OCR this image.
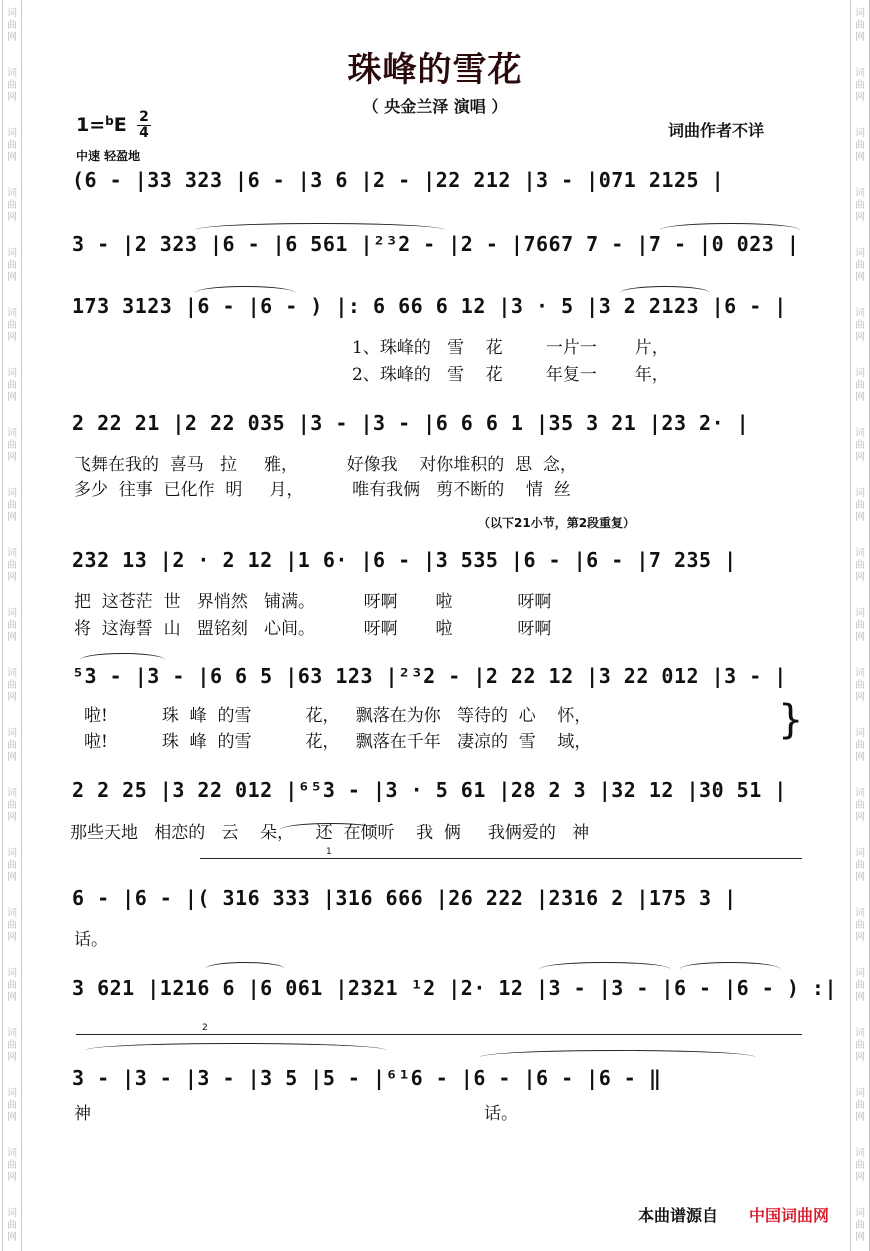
词
曲
网
词
曲
网
词
曲
网
词
曲
网
词
曲
网
词
曲
网
词
曲
网
词
曲
网
词
曲
网
词
曲
网
词
曲
网
词
曲
网
词
曲
网
词
曲
网
词
曲
网
词
曲
网
词
曲
网
词
曲
网
词
曲
网
词
曲
网
词
曲
网
词
曲
网
词
曲
网
词
曲
网
词
曲
网
词
曲
网
词
曲
网
词
曲
网
词
曲
网
词
曲
网
词
曲
网
词
曲
网
词
曲
网
词
曲
网
词
曲
网
词
曲
网
词
曲
网
词
曲
网
词
曲
网
词
曲
网
词
曲
网
词
曲
网
珠峰的雪花
（ 央金兰泽 演唱 ）
1=$^b$E 2
4	词曲作者不详
中速 轻盈地
(6 - |33 323 |6 - |3 6 |2 - |22 212 |3 - |071 2125 |
3 - |2 323 |6 - |6 561 |²³2 - |2 - |7667 7 - |7 - |0 023 |
173 3123 |6 - |6 - ) |: 6 66 6 12 |3 · 5 |3 2 2123 |6 - |
1、珠峰的   雪    花        一片一       片，
2、珠峰的   雪    花        年复一       年，
2 22 21 |2 22 035 |3 - |3 - |6 6 6 1 |35 3 21 |23 2· |
飞舞在我的  喜马   拉     雅，         好像我    对你堆积的  思  念，
多少  往事  已化作  明     月，         唯有我俩   剪不断的    情  丝
（以下21小节，第2段重复）
232 13 |2 · 2 12 |1 6· |6 - |3 535 |6 - |6 - |7 235 |
把  这苍茫  世   界悄然   铺满。         呀啊       啦            呀啊
将  这海誓  山   盟铭刻   心间。         呀啊       啦            呀啊
⁵3 - |3 - |6 6 5 |63 123 |²³2 - |2 22 12 |3 22 012 |3 - |
啦!          珠  峰  的雪          花，   飘落在为你   等待的  心    怀，
啦!          珠  峰  的雪          花，   飘落在千年   凄凉的  雪    域，	}
2 2 25 |3 22 012 |⁶⁵3 - |3 · 5 61 |28 2 3 |32 12 |30 51 |
那些天地   相恋的   云    朵，    还  在倾听    我  俩     我俩爱的   神
1
6 - |6 - |( 316 333 |316 666 |26 222 |2316 2 |175 3 |
话。
3 621 |1216 6 |6 061 |2321 ¹2 |2· 12 |3 - |3 - |6 - |6 - ) :|
2
3 - |3 - |3 - |3 5 |5 - |⁶¹6 - |6 - |6 - |6 - ‖
神	话。
本曲谱源自 中国词曲网
